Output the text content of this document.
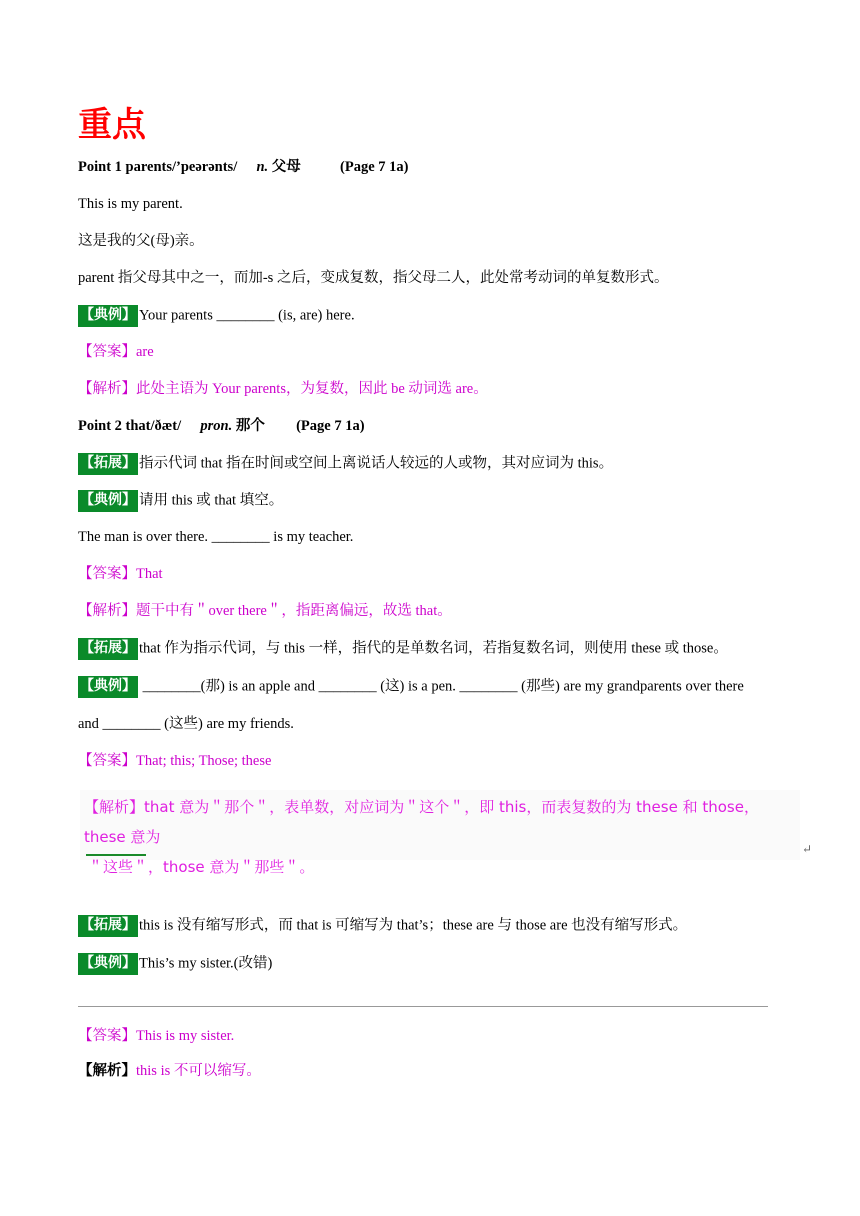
重点
Point 1 parents/’peərənts/ n. 父母	(Page 7 1a)
This is my parent.
这是我的父(母)亲。
parent 指父母其中之一，而加-s 之后，变成复数，指父母二人，此处常考动词的单复数形式。
【典例】 Your parents ________ (is, are) here.
【答案】are
【解析】此处主语为 Your parents，为复数，因此 be 动词选 are。
Point 2 that/ðæt/ pron. 那个 (Page 7 1a)
【拓展】 指示代词 that 指在时间或空间上离说话人较远的人或物，其对应词为 this。
【典例】 请用 this 或 that 填空。
The man is over there. ________ is my teacher.
【答案】That
【解析】题干中有＂over there＂，指距离偏远，故选 that。
【拓展】 that 作为指示代词，与 this 一样，指代的是单数名词，若指复数名词，则使用 these 或 those。
【典例】 ________(那) is an apple and ________ (这) is a pen. ________ (那些) are my grandparents over there
and ________ (这些) are my friends.
【答案】That; this; Those; these
【解析】that 意为＂那个＂，表单数，对应词为＂这个＂，即 this，而表复数的为 these 和 those，these 意为
＂这些＂，those 意为＂那些＂。
↵
【拓展】 this is 没有缩写形式，而 that is 可缩写为 that’s；these are 与 those are 也没有缩写形式。
【典例】 This’s my sister.(改错)
【答案】This is my sister.
【解析】this is 不可以缩写。
